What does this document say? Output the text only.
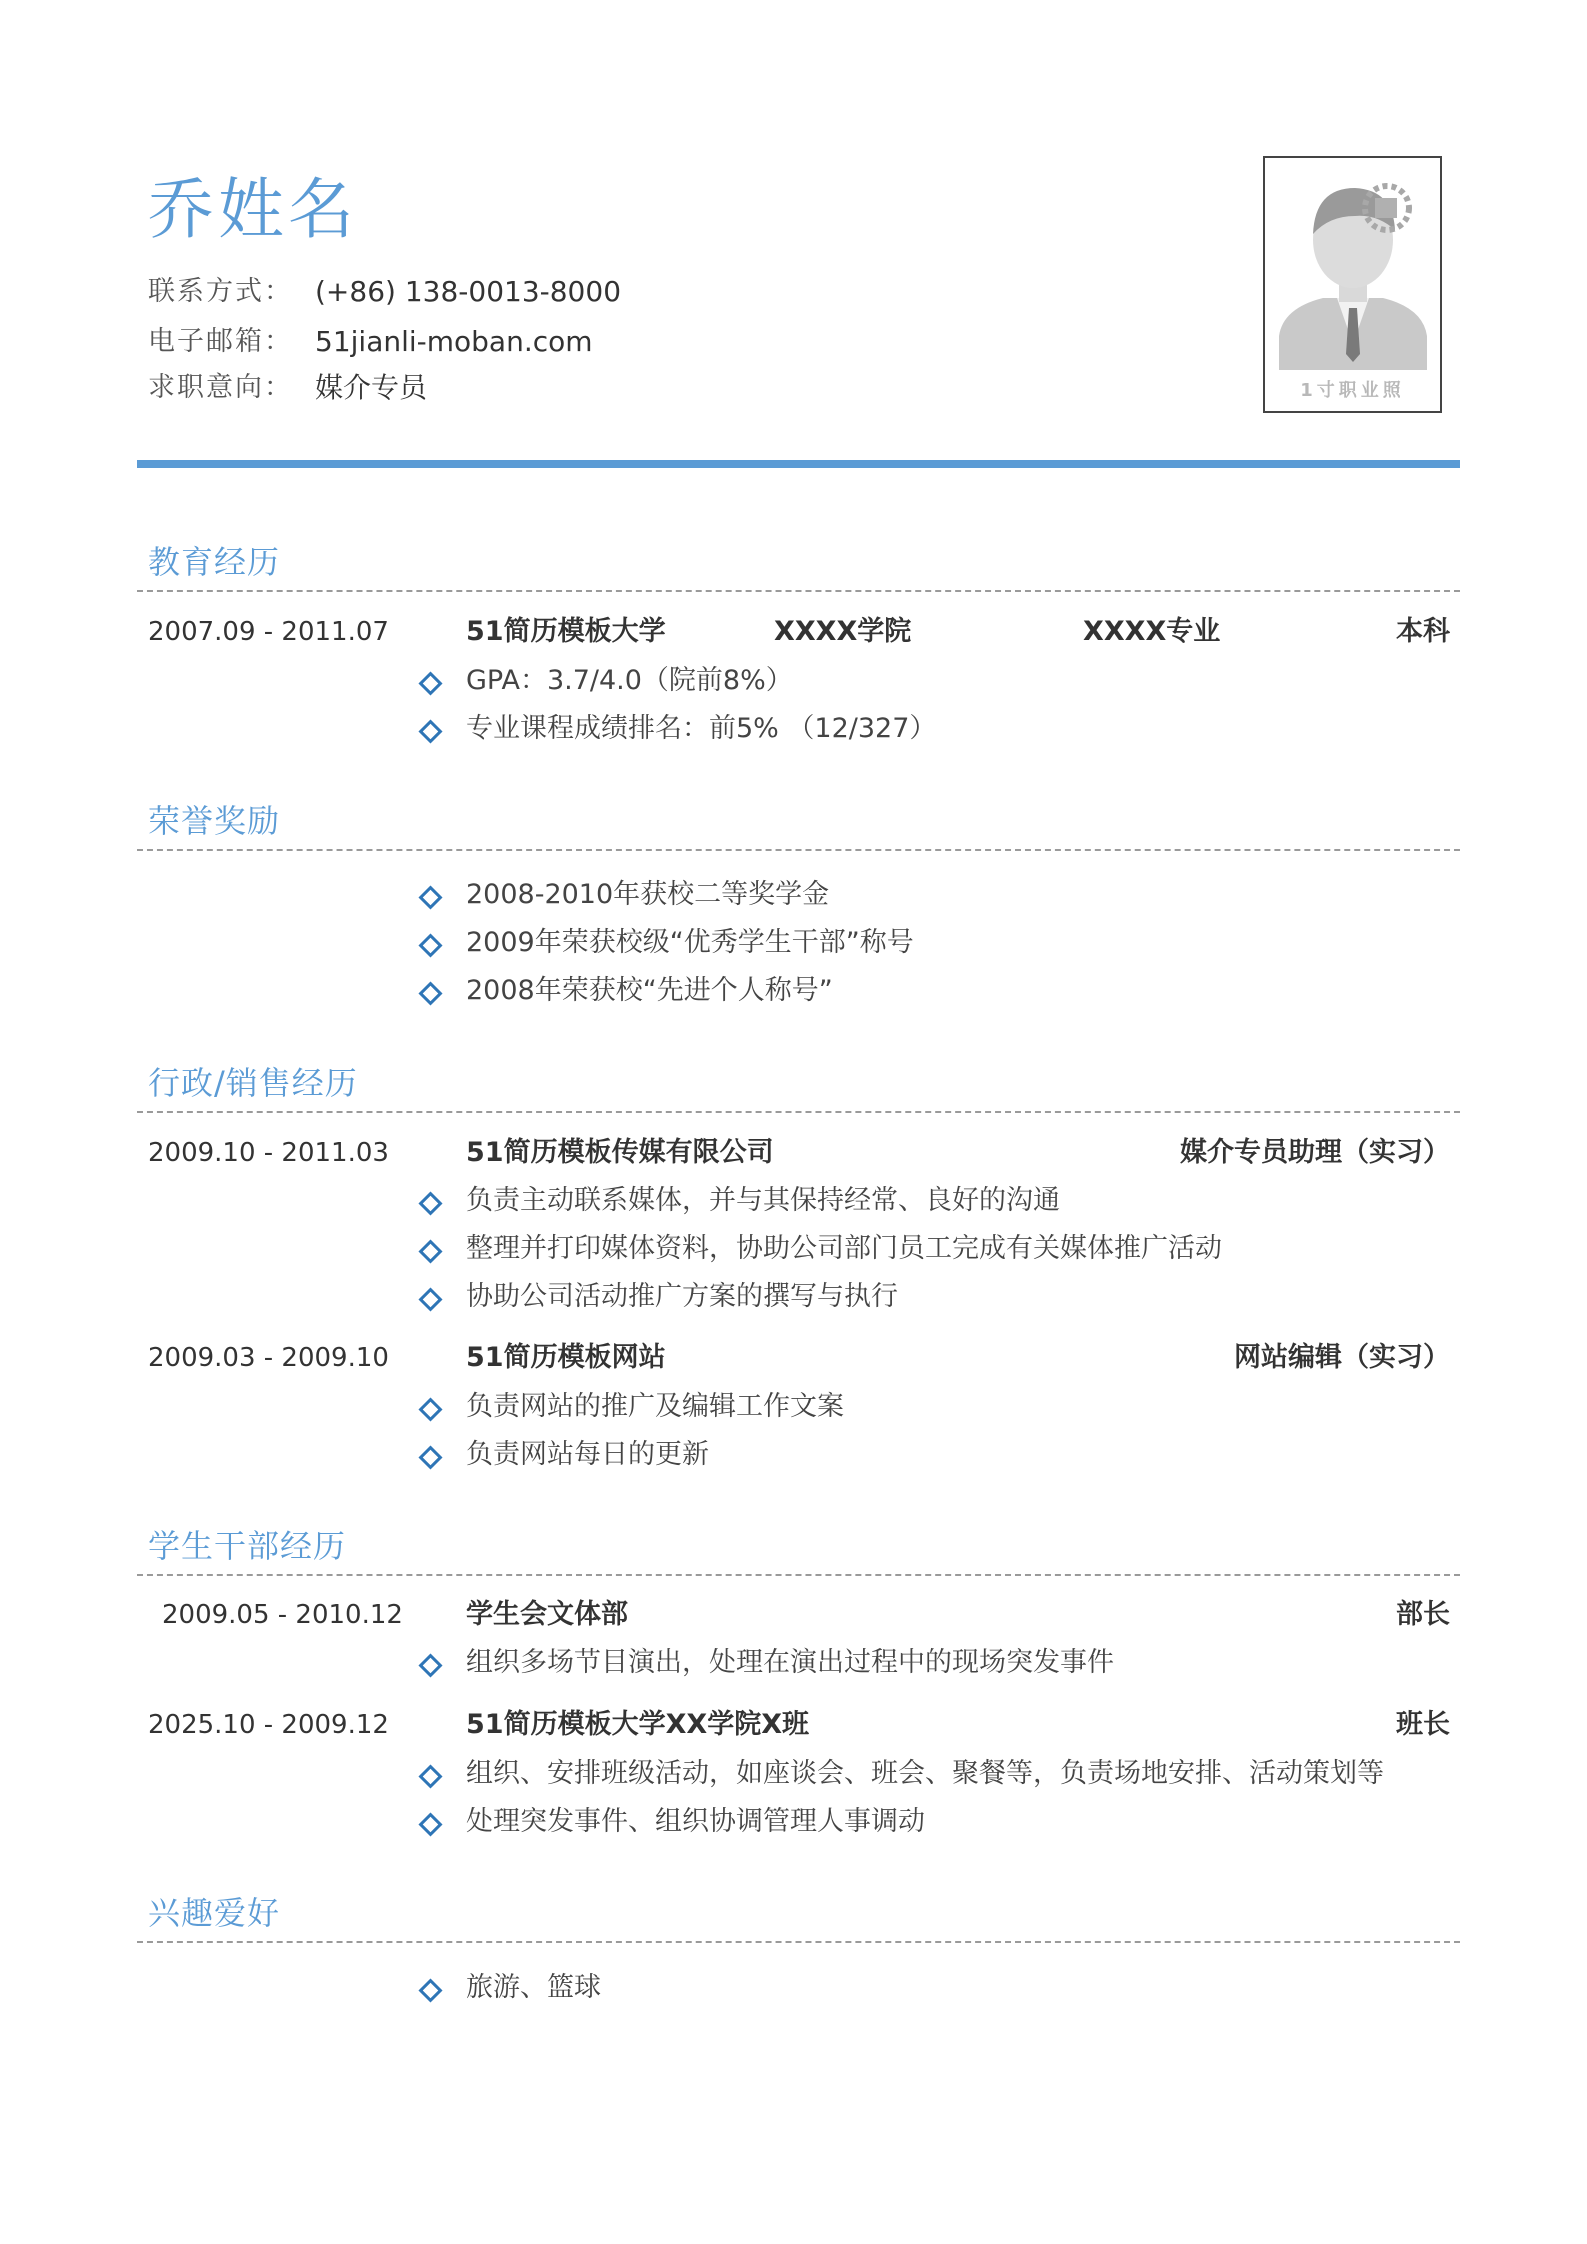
乔姓名
联系方式： (+86) 138-0013-8000
电子邮箱： 51jianli-moban.com
求职意向： 媒介专员	1寸职业照
教育经历
2007.09 - 2011.07	51简历模板大学	XXXX学院	XXXX专业	本科
GPA：3.7/4.0（院前8%）
专业课程成绩排名：前5% （12/327）
荣誉奖励
2008-2010年获校二等奖学金
2009年荣获校级“优秀学生干部”称号
2008年荣获校“先进个人称号”
行政/销售经历
2009.10 - 2011.03	51简历模板传媒有限公司	媒介专员助理（实习）
负责主动联系媒体，并与其保持经常、良好的沟通
整理并打印媒体资料，协助公司部门员工完成有关媒体推广活动
协助公司活动推广方案的撰写与执行
2009.03 - 2009.10	51简历模板网站	网站编辑（实习）
负责网站的推广及编辑工作文案
负责网站每日的更新
学生干部经历
2009.05 - 2010.12 学生会文体部	部长
组织多场节目演出，处理在演出过程中的现场突发事件
2025.10 - 2009.12	51简历模板大学XX学院X班	班长
组织、安排班级活动，如座谈会、班会、聚餐等，负责场地安排、活动策划等
处理突发事件、组织协调管理人事调动
兴趣爱好
旅游、篮球
